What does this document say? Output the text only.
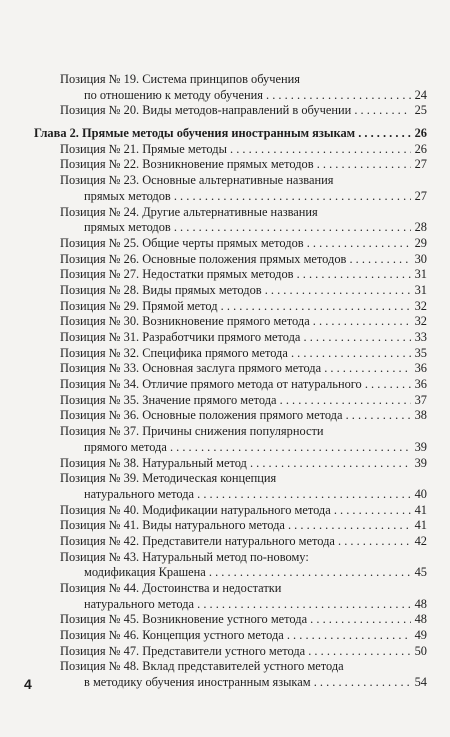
Позиция № 19. Система принципов обучения
по отношению к методу обучения . . .	24
Позиция № 20. Виды методов-направлений в обучении . . .	25
Глава 2. Прямые методы обучения иностранным языкам . . .	26
Позиция № 21. Прямые методы . . .	26
Позиция № 22. Возникновение прямых методов . . .	27
Позиция № 23. Основные альтернативные названия
прямых методов . . .	27
Позиция № 24. Другие альтернативные названия
прямых методов . . .	28
Позиция № 25. Общие черты прямых методов . . .	29
Позиция № 26. Основные положения прямых методов . . .	30
Позиция № 27. Недостатки прямых методов . . .	31
Позиция № 28. Виды прямых методов . . .	31
Позиция № 29. Прямой метод . . .	32
Позиция № 30. Возникновение прямого метода . . .	32
Позиция № 31. Разработчики прямого метода . . .	33
Позиция № 32. Специфика прямого метода . . .	35
Позиция № 33. Основная заслуга прямого метода . . .	36
Позиция № 34. Отличие прямого метода от натурального . . .	36
Позиция № 35. Значение прямого метода . . .	37
Позиция № 36. Основные положения прямого метода . . .	38
Позиция № 37. Причины снижения популярности
прямого метода . . .	39
Позиция № 38. Натуральный метод . . .	39
Позиция № 39. Методическая концепция
натурального метода . . .	40
Позиция № 40. Модификации натурального метода . . .	41
Позиция № 41. Виды натурального метода . . .	41
Позиция № 42. Представители натурального метода . . .	42
Позиция № 43. Натуральный метод по-новому:
модификация Крашена . . .	45
Позиция № 44. Достоинства и недостатки
натурального метода . . .	48
Позиция № 45. Возникновение устного метода . . .	48
Позиция № 46. Концепция устного метода . . .	49
Позиция № 47. Представители устного метода . . .	50
Позиция № 48. Вклад представителей устного метода
в методику обучения иностранным языкам . . .	54
4
